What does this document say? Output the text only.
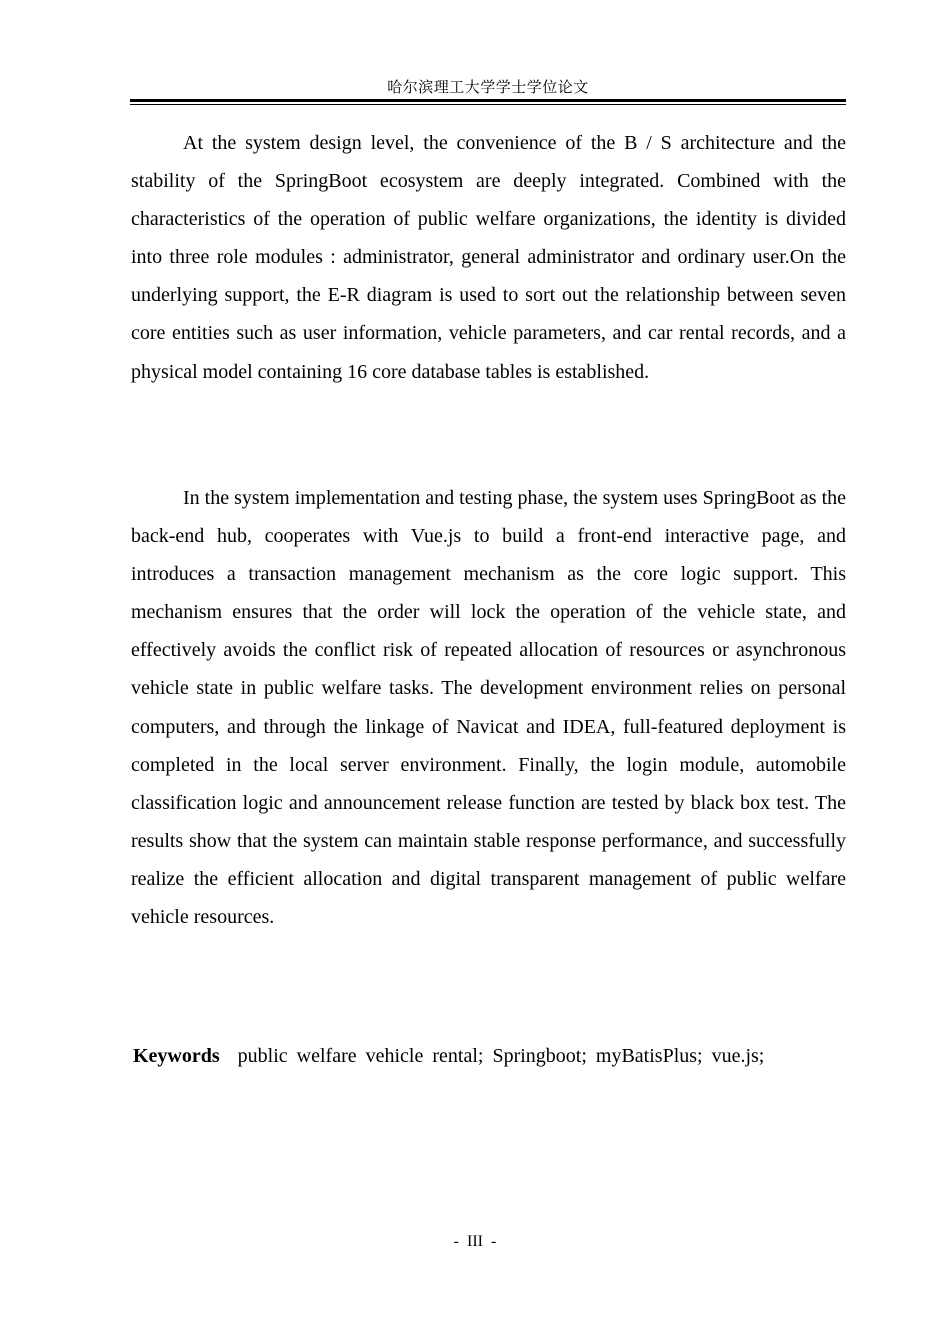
哈尔滨理工大学学士学位论文

At the system design level, the convenience of the B / S architecture and the stability of the SpringBoot ecosystem are deeply integrated. Combined with the characteristics of the operation of public welfare organizations, the identity is divided into three role modules : administrator, general administrator and ordinary user.On the underlying support, the E-R diagram is used to sort out the relationship between seven core entities such as user information, vehicle parameters, and car rental records, and a physical model containing 16 core database tables is established.

In the system implementation and testing phase, the system uses SpringBoot as the back-end hub, cooperates with Vue.js to build a front-end interactive page, and introduces a transaction management mechanism as the core logic support. This mechanism ensures that the order will lock the operation of the vehicle state, and effectively avoids the conflict risk of repeated allocation of resources or asynchronous vehicle state in public welfare tasks. The development environment relies on personal computers, and through the linkage of Navicat and IDEA, full-featured deployment is completed in the local server environment. Finally, the login module, automobile classification logic and announcement release function are tested by black box test. The results show that the system can maintain stable response performance, and successfully realize the efficient allocation and digital transparent management of public welfare vehicle resources.

Keywords public welfare vehicle rental; Springboot; myBatisPlus; vue.js;
- III -
